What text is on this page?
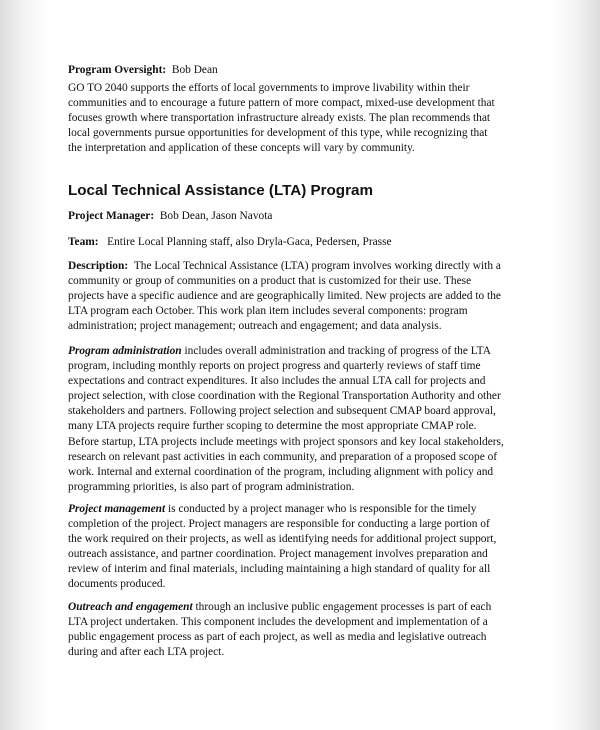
Program Oversight: Bob Dean

GO TO 2040 supports the efforts of local governments to improve livability within their
communities and to encourage a future pattern of more compact, mixed-use development that
focuses growth where transportation infrastructure already exists. The plan recommends that
local governments pursue opportunities for development of this type, while recognizing that
the interpretation and application of these concepts will vary by community.

Local Technical Assistance (LTA) Program

Project Manager: Bob Dean, Jason Navota

Team: Entire Local Planning staff, also Dryla-Gaca, Pedersen, Prasse

Description: The Local Technical Assistance (LTA) program involves working directly with a
community or group of communities on a product that is customized for their use. These
projects have a specific audience and are geographically limited. New projects are added to the
LTA program each October. This work plan item includes several components: program
administration; project management; outreach and engagement; and data analysis.

Program administration includes overall administration and tracking of progress of the LTA
program, including monthly reports on project progress and quarterly reviews of staff time
expectations and contract expenditures. It also includes the annual LTA call for projects and
project selection, with close coordination with the Regional Transportation Authority and other
stakeholders and partners. Following project selection and subsequent CMAP board approval,
many LTA projects require further scoping to determine the most appropriate CMAP role.
Before startup, LTA projects include meetings with project sponsors and key local stakeholders,
research on relevant past activities in each community, and preparation of a proposed scope of
work. Internal and external coordination of the program, including alignment with policy and
programming priorities, is also part of program administration.

Project management is conducted by a project manager who is responsible for the timely
completion of the project. Project managers are responsible for conducting a large portion of
the work required on their projects, as well as identifying needs for additional project support,
outreach assistance, and partner coordination. Project management involves preparation and
review of interim and final materials, including maintaining a high standard of quality for all
documents produced.

Outreach and engagement through an inclusive public engagement processes is part of each
LTA project undertaken. This component includes the development and implementation of a
public engagement process as part of each project, as well as media and legislative outreach
during and after each LTA project.
